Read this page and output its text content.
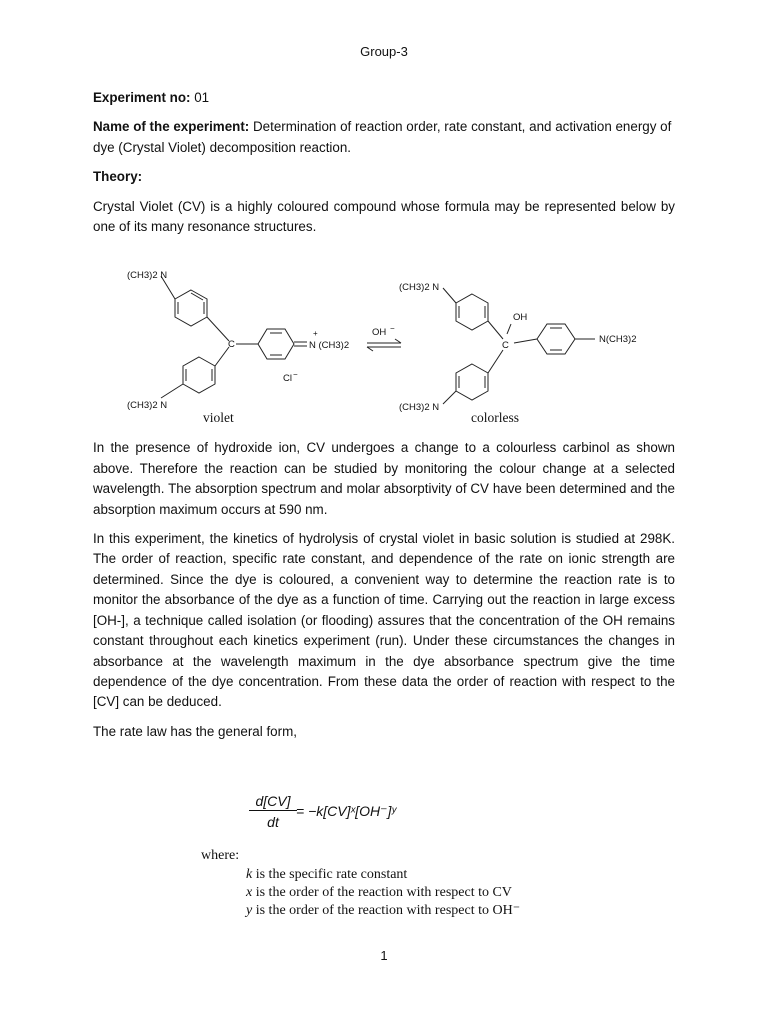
Group-3

Experiment no: 01

Name of the experiment: Determination of reaction order, rate constant, and activation energy of dye (Crystal Violet) decomposition reaction.

Theory:

Crystal Violet (CV) is a highly coloured compound whose formula may be represented below by one of its many resonance structures.

(CH3)2 N
(CH3)2 N
C
+
N (CH3)2
Cl −
OH −
(CH3)2 N
(CH3)2 N
OH
C
N(CH3)2
violet	colorless

In the presence of hydroxide ion, CV undergoes a change to a colourless carbinol as shown above. Therefore the reaction can be studied by monitoring the colour change at a selected wavelength. The absorption spectrum and molar absorptivity of CV have been determined and the absorption maximum occurs at 590 nm.

In this experiment, the kinetics of hydrolysis of crystal violet in basic solution is studied at 298K. The order of reaction, specific rate constant, and dependence of the rate on ionic strength are determined. Since the dye is coloured, a convenient way to determine the reaction rate is to monitor the absorbance of the dye as a function of time. Carrying out the reaction in large excess [OH-], a technique called isolation (or flooding) assures that the concentration of the OH remains constant throughout each kinetics experiment (run). Under these circumstances the changes in absorbance at the wavelength maximum in the dye absorbance spectrum give the time dependence of the dye concentration. From these data the order of reaction with respect to the [CV] can be deduced.

The rate law has the general form,

$\frac{d[CV]}{dt}$ = −k[CV]ˣ[OH⁻]ʸ
where:
k is the specific rate constant
x is the order of the reaction with respect to CV
y is the order of the reaction with respect to OH⁻
1
